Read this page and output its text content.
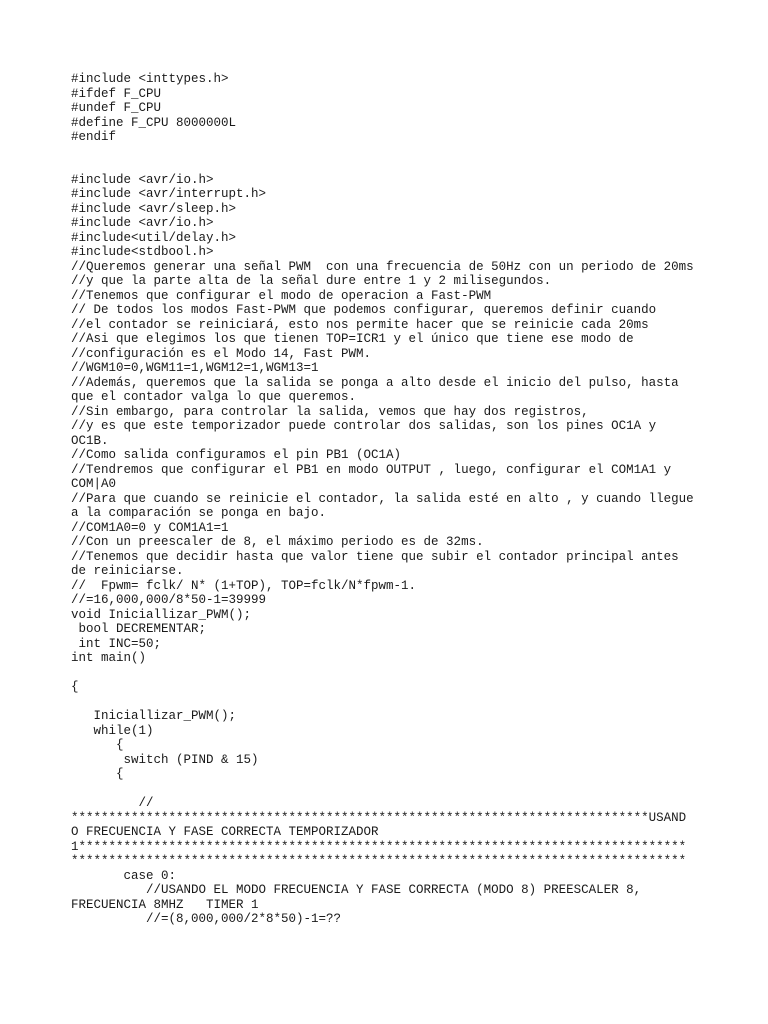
#include <inttypes.h>
#ifdef F_CPU
#undef F_CPU
#define F_CPU 8000000L
#endif
#include <avr/io.h>
#include <avr/interrupt.h>
#include <avr/sleep.h>
#include <avr/io.h>
#include<util/delay.h>
#include<stdbool.h>
//Queremos generar una señal PWM  con una frecuencia de 50Hz con un periodo de 20ms
//y que la parte alta de la señal dure entre 1 y 2 milisegundos.
//Tenemos que configurar el modo de operacion a Fast-PWM
// De todos los modos Fast-PWM que podemos configurar, queremos definir cuando
//el contador se reiniciará, esto nos permite hacer que se reinicie cada 20ms
//Asi que elegimos los que tienen TOP=ICR1 y el único que tiene ese modo de
//configuración es el Modo 14, Fast PWM.
//WGM10=0,WGM11=1,WGM12=1,WGM13=1
//Además, queremos que la salida se ponga a alto desde el inicio del pulso, hasta
que el contador valga lo que queremos.
//Sin embargo, para controlar la salida, vemos que hay dos registros,
//y es que este temporizador puede controlar dos salidas, son los pines OC1A y
OC1B.
//Como salida configuramos el pin PB1 (OC1A)
//Tendremos que configurar el PB1 en modo OUTPUT , luego, configurar el COM1A1 y
COM|A0
//Para que cuando se reinicie el contador, la salida esté en alto , y cuando llegue
a la comparación se ponga en bajo.
//COM1A0=0 y COM1A1=1
//Con un preescaler de 8, el máximo periodo es de 32ms.
//Tenemos que decidir hasta que valor tiene que subir el contador principal antes
de reiniciarse.
//  Fpwm= fclk/ N* (1+TOP), TOP=fclk/N*fpwm-1.
//=16,000,000/8*50-1=39999
void Iniciallizar_PWM();
bool DECREMENTAR;
int INC=50;
int main()
{
Iniciallizar_PWM();
while(1)
{
switch (PIND & 15)
{
//
*****************************************************************************USAND
O FRECUENCIA Y FASE CORRECTA TEMPORIZADOR
1*********************************************************************************
**********************************************************************************
case 0:
//USANDO EL MODO FRECUENCIA Y FASE CORRECTA (MODO 8) PREESCALER 8,
FRECUENCIA 8MHZ   TIMER 1
//=(8,000,000/2*8*50)-1=??
